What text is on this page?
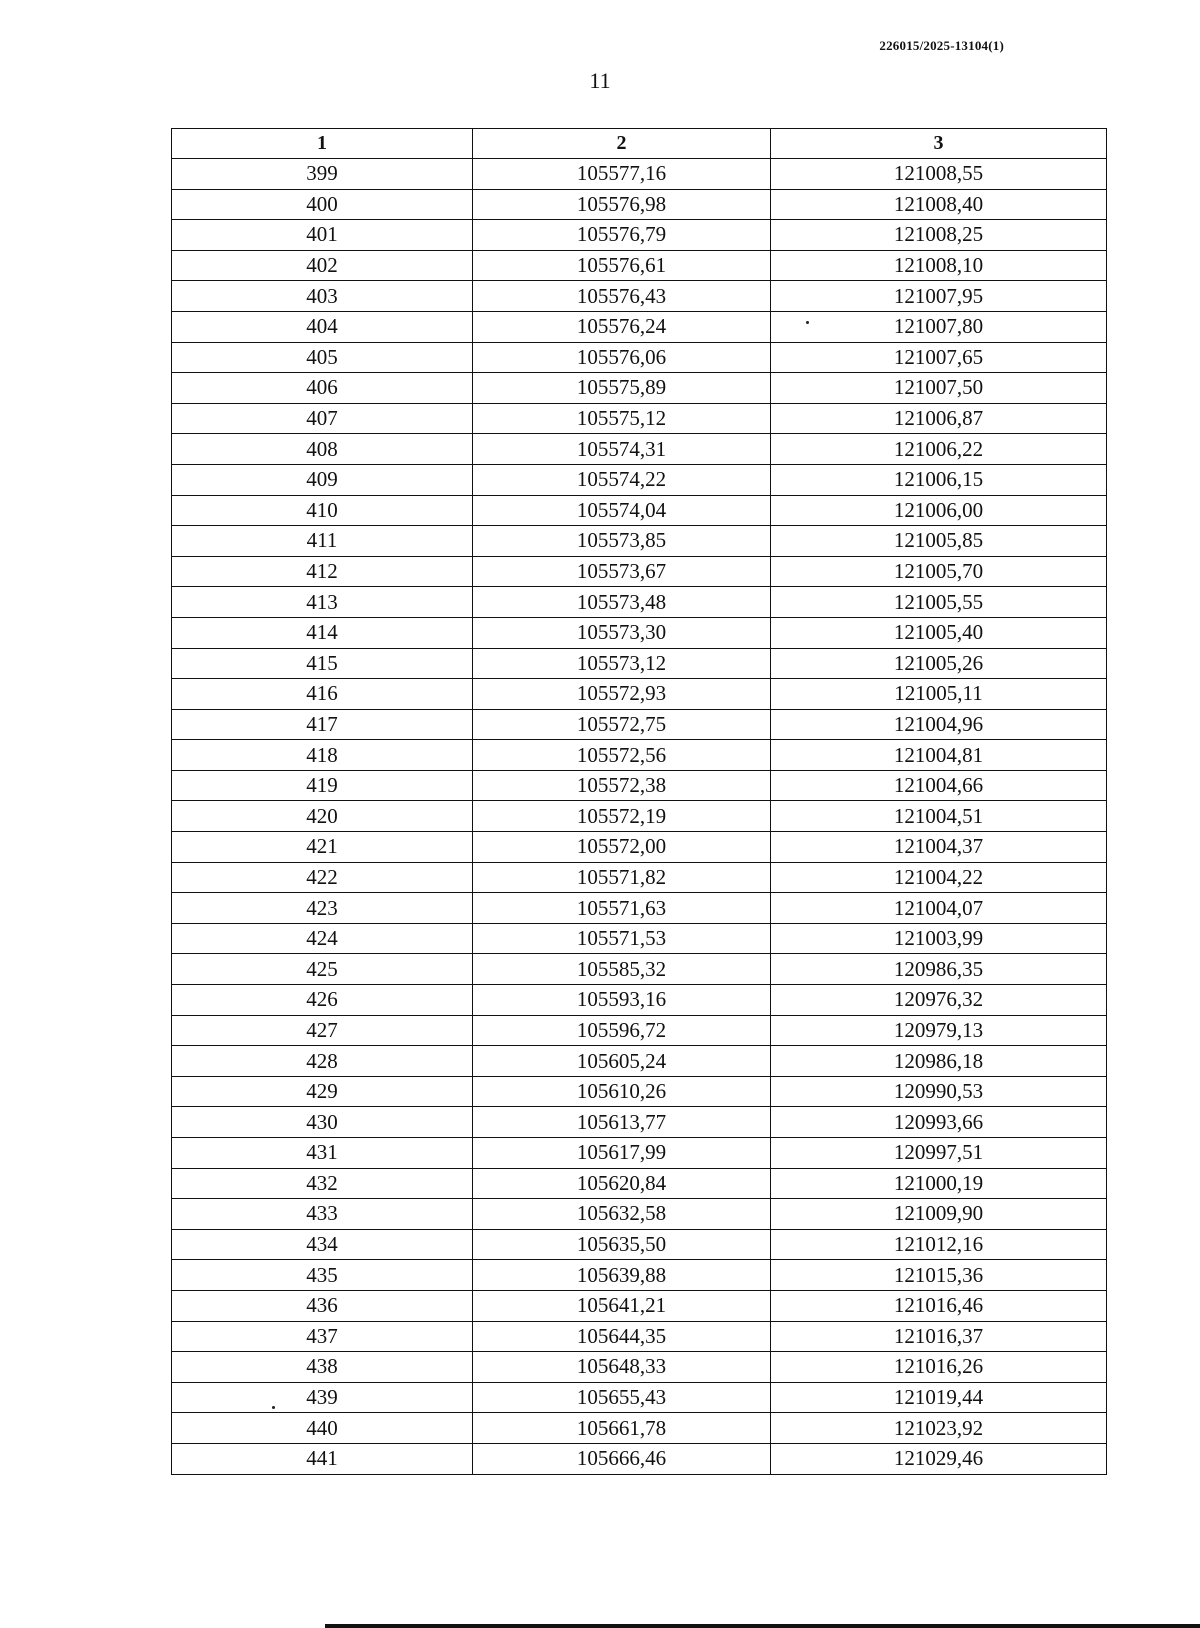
226015/2025-13104(1)
11
1	2	3
399	105577,16	121008,55
400	105576,98	121008,40
401	105576,79	121008,25
402	105576,61	121008,10
403	105576,43	121007,95
404	105576,24	121007,80
405	105576,06	121007,65
406	105575,89	121007,50
407	105575,12	121006,87
408	105574,31	121006,22
409	105574,22	121006,15
410	105574,04	121006,00
411	105573,85	121005,85
412	105573,67	121005,70
413	105573,48	121005,55
414	105573,30	121005,40
415	105573,12	121005,26
416	105572,93	121005,11
417	105572,75	121004,96
418	105572,56	121004,81
419	105572,38	121004,66
420	105572,19	121004,51
421	105572,00	121004,37
422	105571,82	121004,22
423	105571,63	121004,07
424	105571,53	121003,99
425	105585,32	120986,35
426	105593,16	120976,32
427	105596,72	120979,13
428	105605,24	120986,18
429	105610,26	120990,53
430	105613,77	120993,66
431	105617,99	120997,51
432	105620,84	121000,19
433	105632,58	121009,90
434	105635,50	121012,16
435	105639,88	121015,36
436	105641,21	121016,46
437	105644,35	121016,37
438	105648,33	121016,26
439	105655,43	121019,44
440	105661,78	121023,92
441	105666,46	121029,46
